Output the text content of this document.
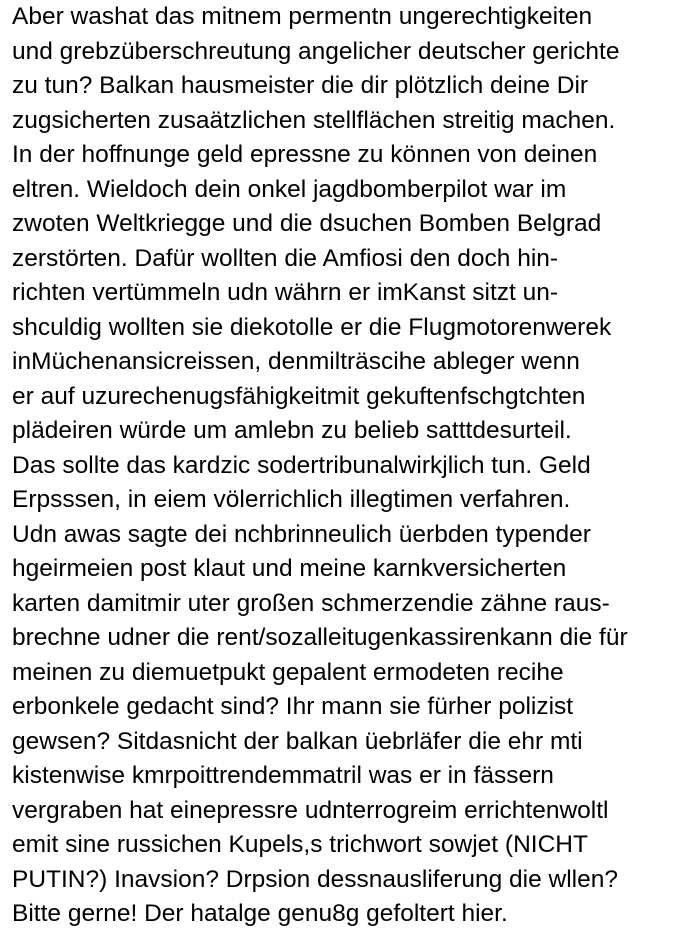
Aber washat das mitnem permentn ungerechtigkeiten
und grebzüberschreutung angelicher deutscher gerichte
zu tun? Balkan hausmeister die dir plötzlich deine Dir
zugsicherten zusaätzlichen stellflächen streitig machen.
In der hoffnunge geld epressne zu können von deinen
eltren. Wieldoch dein onkel jagdbomberpilot war im
zwoten Weltkriegge und die dsuchen Bomben Belgrad
zerstörten. Dafür wollten die Amfiosi den doch hin-
richten vertümmeln udn währn er imKanst sitzt un-
shculdig wollten sie diekotolle er die Flugmotorenwerek
inMüchenansicreissen, denmilträscihe ableger wenn
er auf uzurechenugsfähigkeitmit gekuftenfschgtchten
plädeiren würde um amlebn zu belieb satttdesurteil.
Das sollte das kardzic sodertribunalwirkjlich tun. Geld
Erpsssen, in eiem völerrichlich illegtimen verfahren.
Udn awas sagte dei nchbrinneulich üerbden typender
hgeirmeien post klaut und meine karnkversicherten
karten damitmir uter großen schmerzendie zähne raus-
brechne udner die rent/sozalleitugenkassirenkann die für
meinen zu diemuetpukt gepalent ermodeten recihe
erbonkele gedacht sind? Ihr mann sie fürher polizist
gewsen? Sitdasnicht der balkan üebrläfer die ehr mti
kistenwise kmrpoittrendemmatril was er in fässern
vergraben hat einepressre udnterrogreim errichtenwoltl
emit sine russichen Kupels,s trichwort sowjet (NICHT
PUTIN?) Inavsion? Drpsion dessnausliferung die wllen?
Bitte gerne! Der hatalge genu8g gefoltert hier.
